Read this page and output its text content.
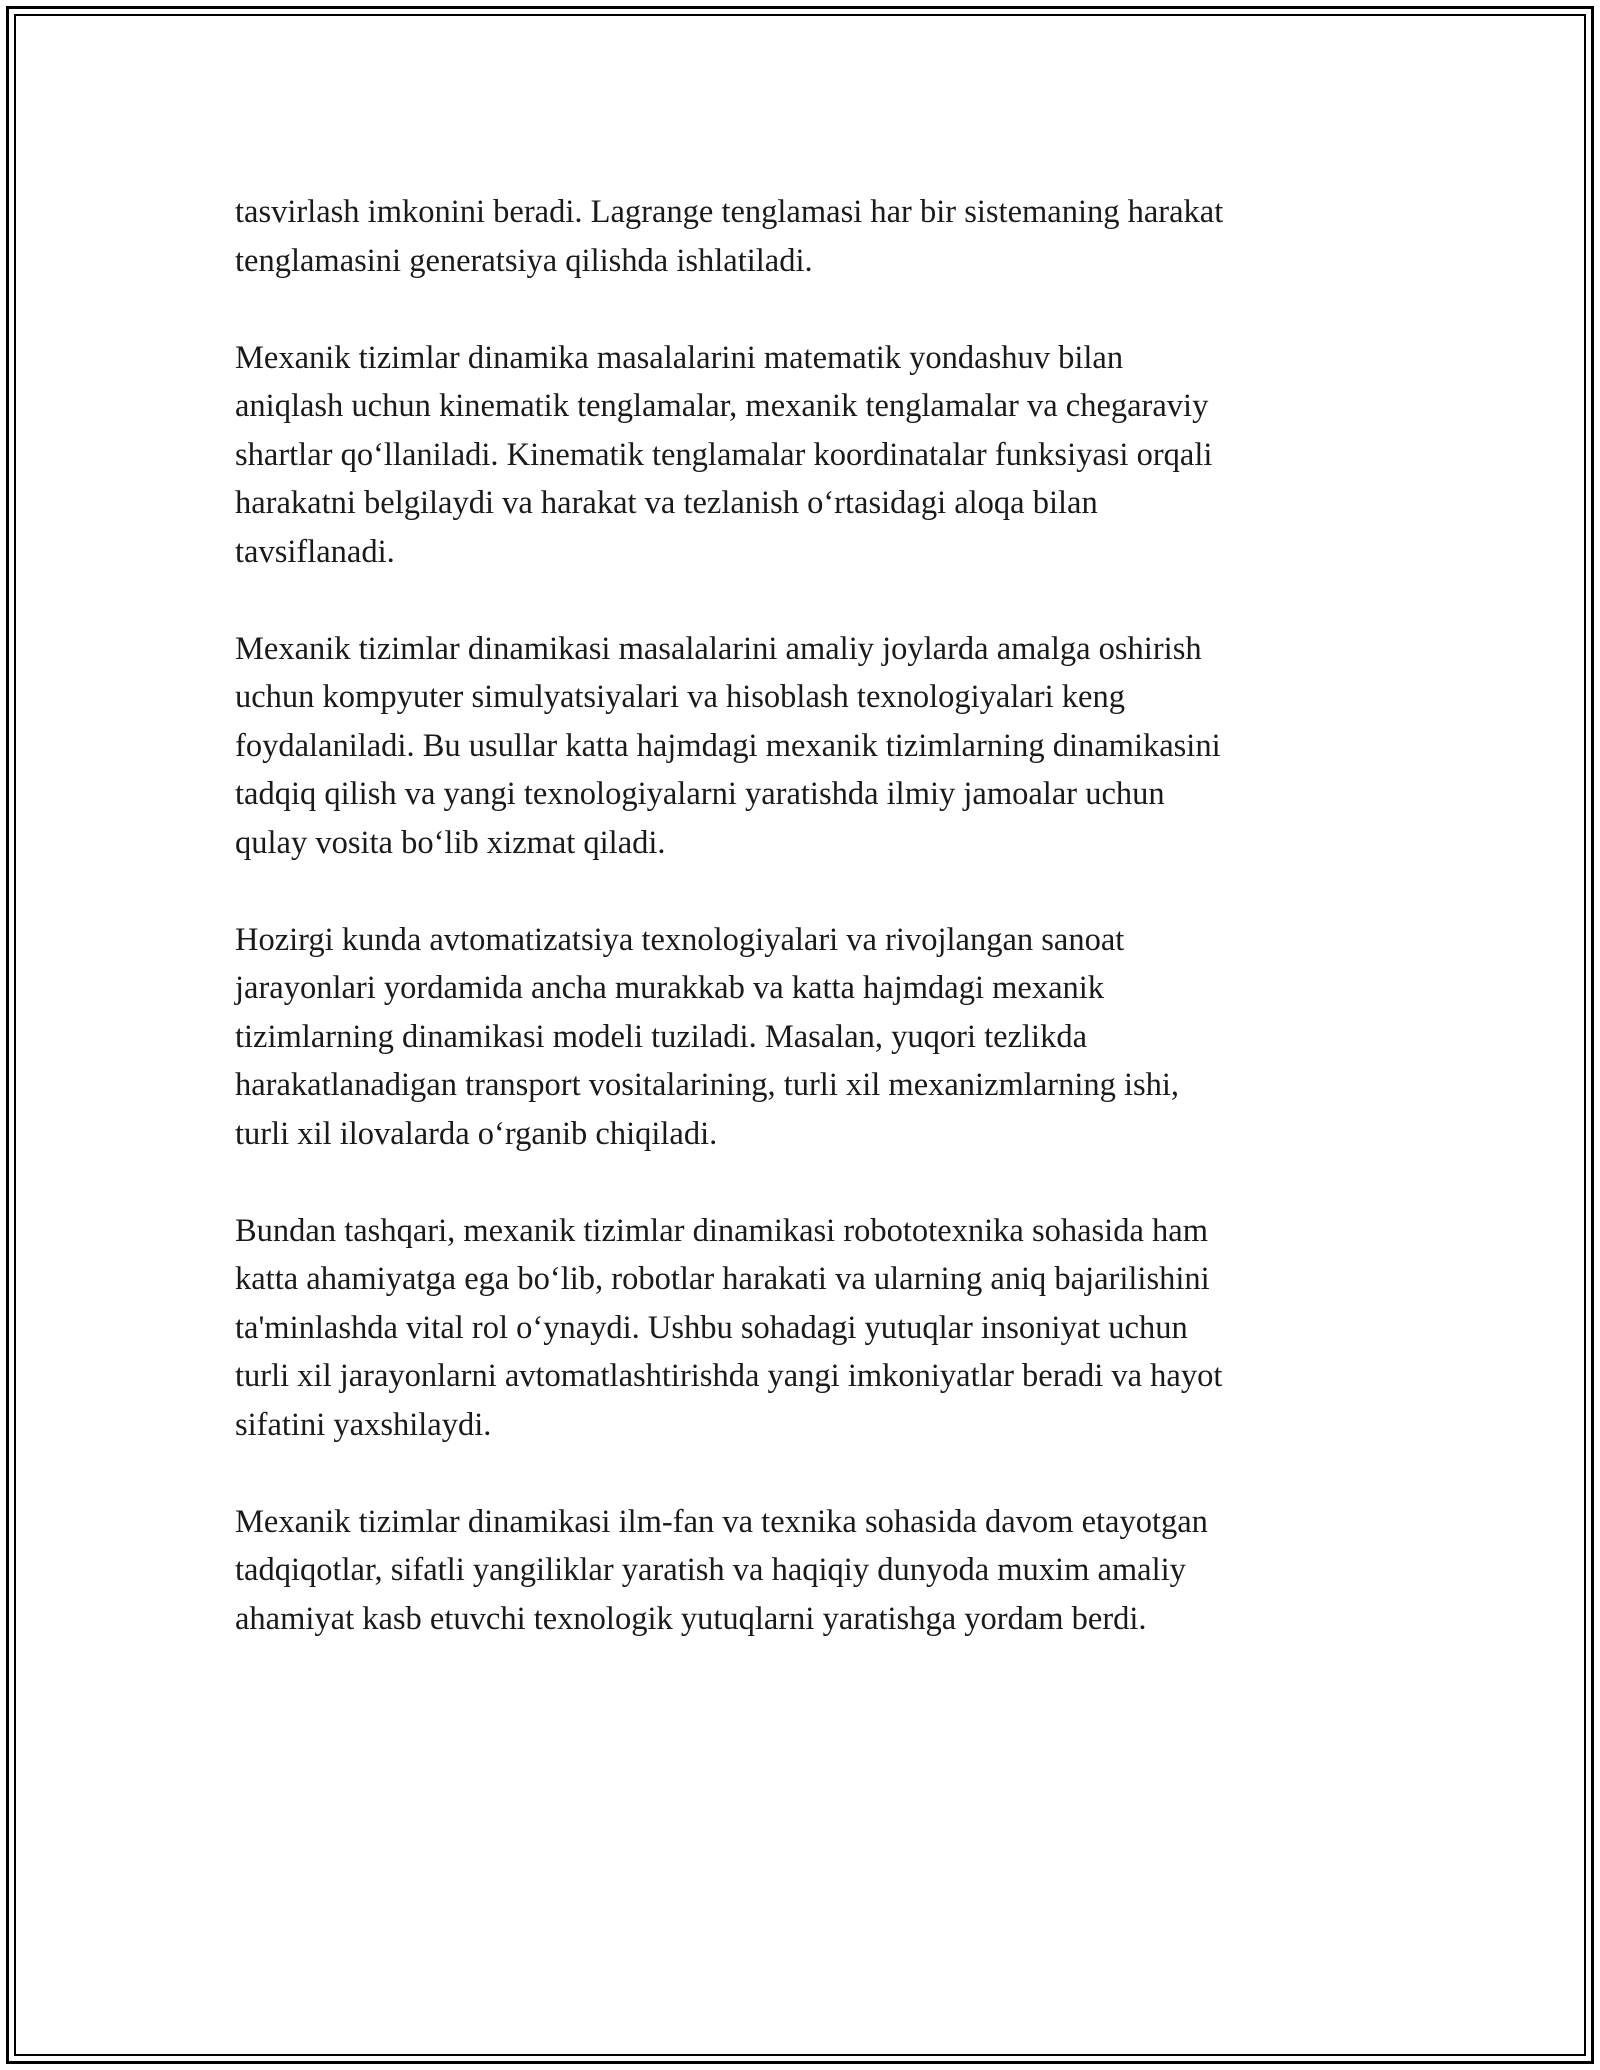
tasvirlash imkonini beradi. Lagrange tenglamasi har bir sistemaning harakat
tenglamasini generatsiya qilishda ishlatiladi.

Mexanik tizimlar dinamika masalalarini matematik yondashuv bilan
aniqlash uchun kinematik tenglamalar, mexanik tenglamalar va chegaraviy
shartlar qo‘llaniladi. Kinematik tenglamalar koordinatalar funksiyasi orqali
harakatni belgilaydi va harakat va tezlanish o‘rtasidagi aloqa bilan
tavsiflanadi.

Mexanik tizimlar dinamikasi masalalarini amaliy joylarda amalga oshirish
uchun kompyuter simulyatsiyalari va hisoblash texnologiyalari keng
foydalaniladi. Bu usullar katta hajmdagi mexanik tizimlarning dinamikasini
tadqiq qilish va yangi texnologiyalarni yaratishda ilmiy jamoalar uchun
qulay vosita bo‘lib xizmat qiladi.

Hozirgi kunda avtomatizatsiya texnologiyalari va rivojlangan sanoat
jarayonlari yordamida ancha murakkab va katta hajmdagi mexanik
tizimlarning dinamikasi modeli tuziladi. Masalan, yuqori tezlikda
harakatlanadigan transport vositalarining, turli xil mexanizmlarning ishi,
turli xil ilovalarda o‘rganib chiqiladi.

Bundan tashqari, mexanik tizimlar dinamikasi robototexnika sohasida ham
katta ahamiyatga ega bo‘lib, robotlar harakati va ularning aniq bajarilishini
ta'minlashda vital rol o‘ynaydi. Ushbu sohadagi yutuqlar insoniyat uchun
turli xil jarayonlarni avtomatlashtirishda yangi imkoniyatlar beradi va hayot
sifatini yaxshilaydi.

Mexanik tizimlar dinamikasi ilm-fan va texnika sohasida davom etayotgan
tadqiqotlar, sifatli yangiliklar yaratish va haqiqiy dunyoda muxim amaliy
ahamiyat kasb etuvchi texnologik yutuqlarni yaratishga yordam berdi.
